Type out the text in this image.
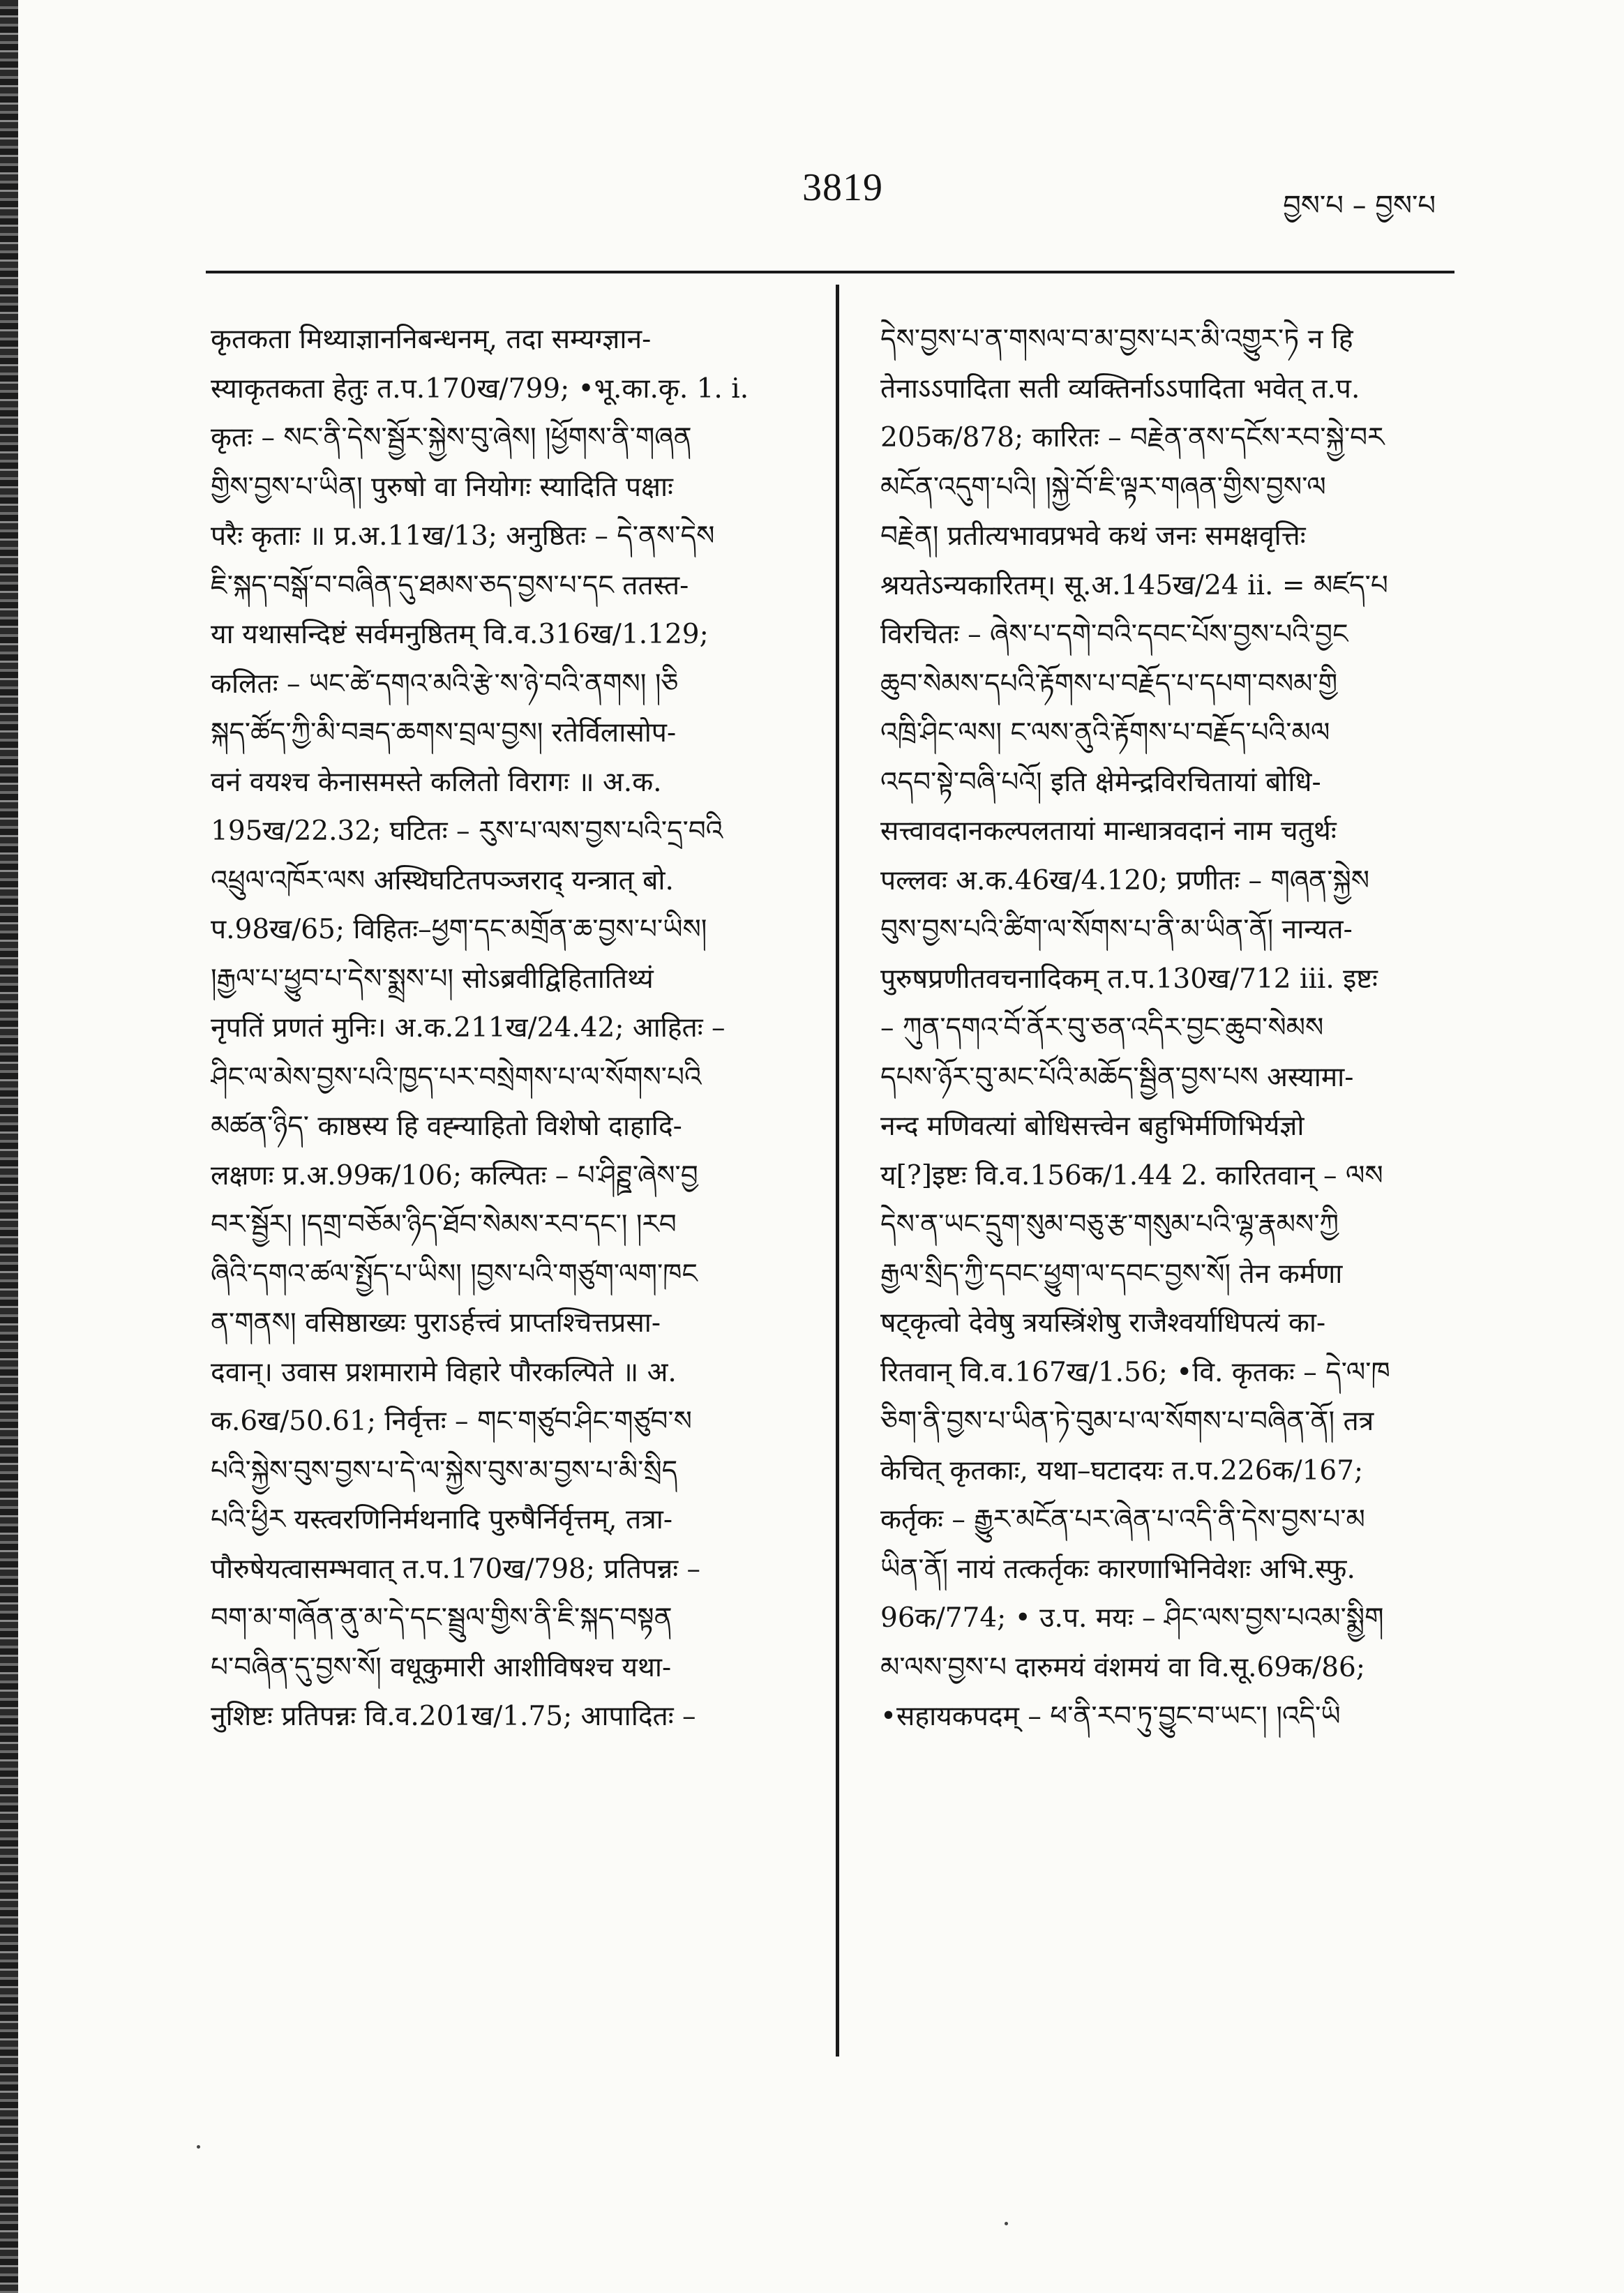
3819	བྱས་པ – བྱས་པ
कृतकता मिथ्याज्ञाननिबन्धनम्, तदा सम्यग्ज्ञान-
स्याकृतकता हेतुः त.प.170ख/799; •भू.का.कृ. 1. i.
कृतः – སང་ནི་དེས་སྦྱོར་སྐྱེས་བུ་ཞེས། །ཕྱོགས་ནི་གཞན
གྱིས་བྱས་པ་ཡིན། पुरुषो वा नियोगः स्यादिति पक्षाः
परैः कृताः ॥ प्र.अ.11ख/13; अनुष्ठितः – དེ་ནས་དེས
ཇི་སྐད་བསྒོ་བ་བཞིན་དུ་ཐམས་ཅད་བྱས་པ་དང ततस्त-
या यथासन्दिष्टं सर्वमनुष्ठितम् वि.व.316ख/1.129;
कलितः – ཡང་ཚེ་དགའ་མའི་རྩེ་ས་ཉེ་བའི་ནགས། །ཅི
སྐད་ཚོད་ཀྱི་མི་བཟད་ཆགས་བྲལ་བྱས། रतेर्विलासोप-
वनं वयश्च केनासमस्ते कलितो विरागः ॥ अ.क.
195ख/22.32; घटितः – རུས་པ་ལས་བྱས་པའི་དྲ་བའི
འཕྲུལ་འཁོར་ལས अस्थिघटितपञ्जराद् यन्त्रात् बो.
प.98ख/65; विहितः–ཕྱག་དང་མགྲོན་ཆ་བྱས་པ་ཡིས།
།རྒྱལ་པ་ཕྱུབ་པ་དེས་སྨྲས་པ། सोऽब्रवीद्विहितातिथ्यं
नृपतिं प्रणतं मुनिः। अ.क.211ख/24.42; आहितः –
ཤིང་ལ་མེས་བྱས་པའི་ཁྱད་པར་བསྲེགས་པ་ལ་སོགས་པའི
མཚན་ཉིད་ काष्ठस्य हि वह्न्याहितो विशेषो दाहादि-
लक्षणः प्र.अ.99क/106; कल्पितः – པ་ཤིཊྛ་ཞེས་བྱ
བར་སྦྱོར། །དགྲ་བཅོམ་ཉིད་ཐོབ་སེམས་རབ་དང་། །རབ
ཞིའི་དགའ་ཚལ་སྤྱོད་པ་ཡིས། །བྱས་པའི་གཙུག་ལག་ཁང
ན་གནས། वसिष्ठाख्यः पुराऽर्हत्त्वं प्राप्तश्चित्तप्रसा-
दवान्। उवास प्रशमारामे विहारे पौरकल्पिते ॥ अ.
क.6ख/50.61; निर्वृत्तः – གང་གཙུབ་ཤིང་གཙུབ་ས
པའི་སྐྱེས་བུས་བྱས་པ་དེ་ལ་སྐྱེས་བུས་མ་བྱས་པ་མི་སྲིད
པའི་ཕྱིར यस्त्वरणिनिर्मथनादि पुरुषैर्निर्वृत्तम्, तत्रा-
पौरुषेयत्वासम्भवात् त.प.170ख/798; प्रतिपन्नः –
བག་མ་གཞོན་ནུ་མ་དེ་དང་སྦྲུལ་གྱིས་ནི་ཇི་སྐད་བསྟན
པ་བཞིན་དུ་བྱས་སོ། वधूकुमारी आशीविषश्च यथा-
नुशिष्टः प्रतिपन्नः वि.व.201ख/1.75; आपादितः –
དེས་བྱས་པ་ན་གསལ་བ་མ་བྱས་པར་མི་འགྱུར་ཏེ न हि
तेनाऽऽपादिता सती व्यक्तिर्नाऽऽपादिता भवेत् त.प.
205क/878; कारितः – བརྗེན་ནས་དངོས་རབ་སྐྱེ་བར
མངོན་འདུག་པའི། །སྐྱེ་བོ་ཇི་ལྟར་གཞན་གྱིས་བྱས་ལ
བརྗེན། प्रतीत्यभावप्रभवे कथं जनः समक्षवृत्तिः
श्रयतेऽन्यकारितम्। सू.अ.145ख/24 ii. = མཛད་པ
विरचितः – ཞེས་པ་དགེ་བའི་དབང་པོས་བྱས་པའི་བྱང
ཆུབ་སེམས་དཔའི་རྟོགས་པ་བརྗོད་པ་དཔག་བསམ་གྱི
འཁྲི་ཤིང་ལས། ང་ལས་ནུའི་རྟོགས་པ་བརྗོད་པའི་མལ
འདབ་སྟེ་བཞི་པའོ། इति क्षेमेन्द्रविरचितायां बोधि-
सत्त्वावदानकल्पलतायां मान्धात्रवदानं नाम चतुर्थः
पल्लवः अ.क.46ख/4.120; प्रणीतः – གཞན་སྐྱེས
བུས་བྱས་པའི་ཚིག་ལ་སོགས་པ་ནི་མ་ཡིན་ནོ། नान्यत-
पुरुषप्रणीतवचनादिकम् त.प.130ख/712 iii. इष्टः
– ཀུན་དགའ་བོ་ནོར་བུ་ཅན་འདིར་བྱང་ཆུབ་སེམས
དཔས་ཉོར་བུ་མང་པོའི་མཆོད་སྦྱིན་བྱས་པས अस्यामा-
नन्द मणिवत्यां बोधिसत्त्वेन बहुभिर्मणिभिर्यज्ञो
य[?]इष्टः वि.व.156क/1.44 2. कारितवान् – ལས
དེས་ན་ཡང་དྲུག་སུམ་བཅུ་རྩ་གསུམ་པའི་ལྷ་རྣམས་ཀྱི
རྒྱལ་སྲིད་ཀྱི་དབང་ཕྱུག་ལ་དབང་བྱས་སོ། तेन कर्मणा
षट्कृत्वो देवेषु त्रयस्त्रिंशेषु राजैश्वर्याधिपत्यं का-
रितवान् वि.व.167ख/1.56; •वि. कृतकः – དེ་ལ་ཁ
ཅིག་ནི་བྱས་པ་ཡིན་ཏེ་བུམ་པ་ལ་སོགས་པ་བཞིན་ནོ། तत्र
केचित् कृतकाः, यथा–घटादयः त.प.226क/167;
कर्तृकः – རྒྱུར་མངོན་པར་ཞེན་པ་འདི་ནི་དེས་བྱས་པ་མ
ཡིན་ནོ། नायं तत्कर्तृकः कारणाभिनिवेशः अभि.स्फु.
96क/774; • उ.प. मयः – ཤིང་ལས་བྱས་པའམ་སྨྱིག
མ་ལས་བྱས་པ दारुमयं वंशमयं वा वि.सू.69क/86;
•सहायकपदम् – ཕ་ནི་རབ་ཏུ་བྱུང་བ་ཡང་། །འདི་ཡི
